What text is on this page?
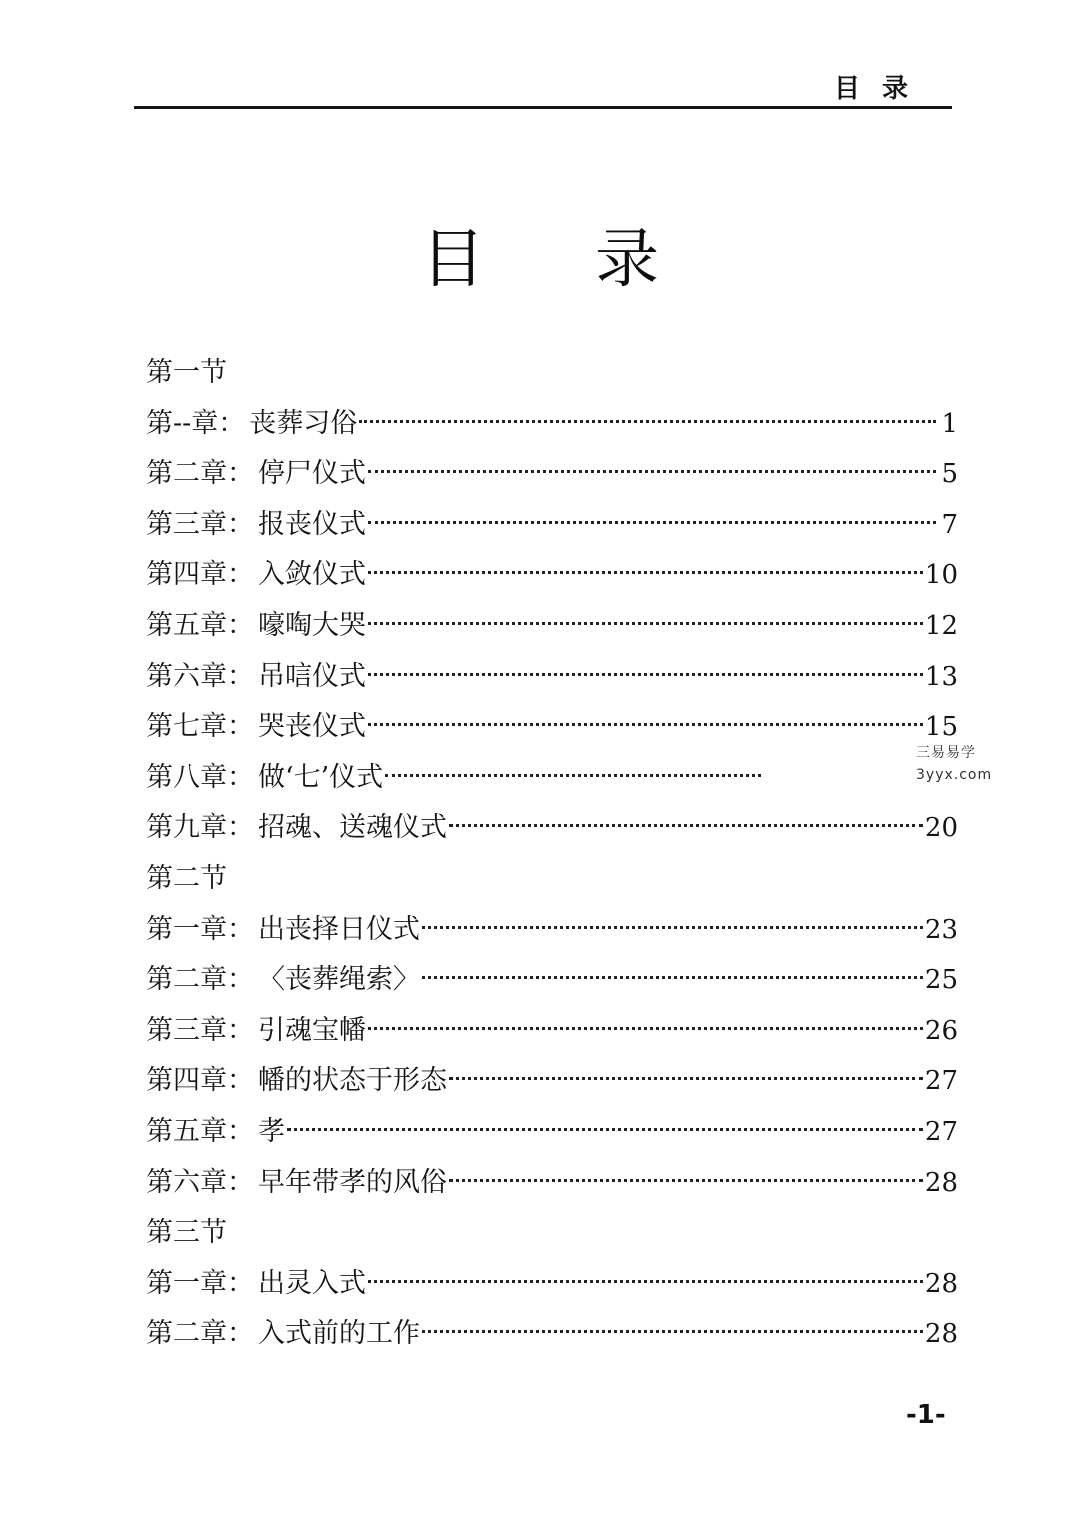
目录
目录
第一节
第--章： 丧葬习俗	1
第二章： 停尸仪式	5
第三章： 报丧仪式	7
第四章： 入敛仪式	10
第五章： 嚎啕大哭	12
第六章： 吊唁仪式	13
第七章： 哭丧仪式	15
第八章： 做‘七’仪式
第九章： 招魂、送魂仪式	20
第二节
第一章： 出丧择日仪式	23
第二章： 〈丧葬绳索〉	25
第三章： 引魂宝幡	26
第四章： 幡的状态于形态	27
第五章： 孝	27
第六章： 早年带孝的风俗	28
第三节
第一章： 出灵入式	28
第二章： 入式前的工作	28
三易易学
3yyx.com
-1-
